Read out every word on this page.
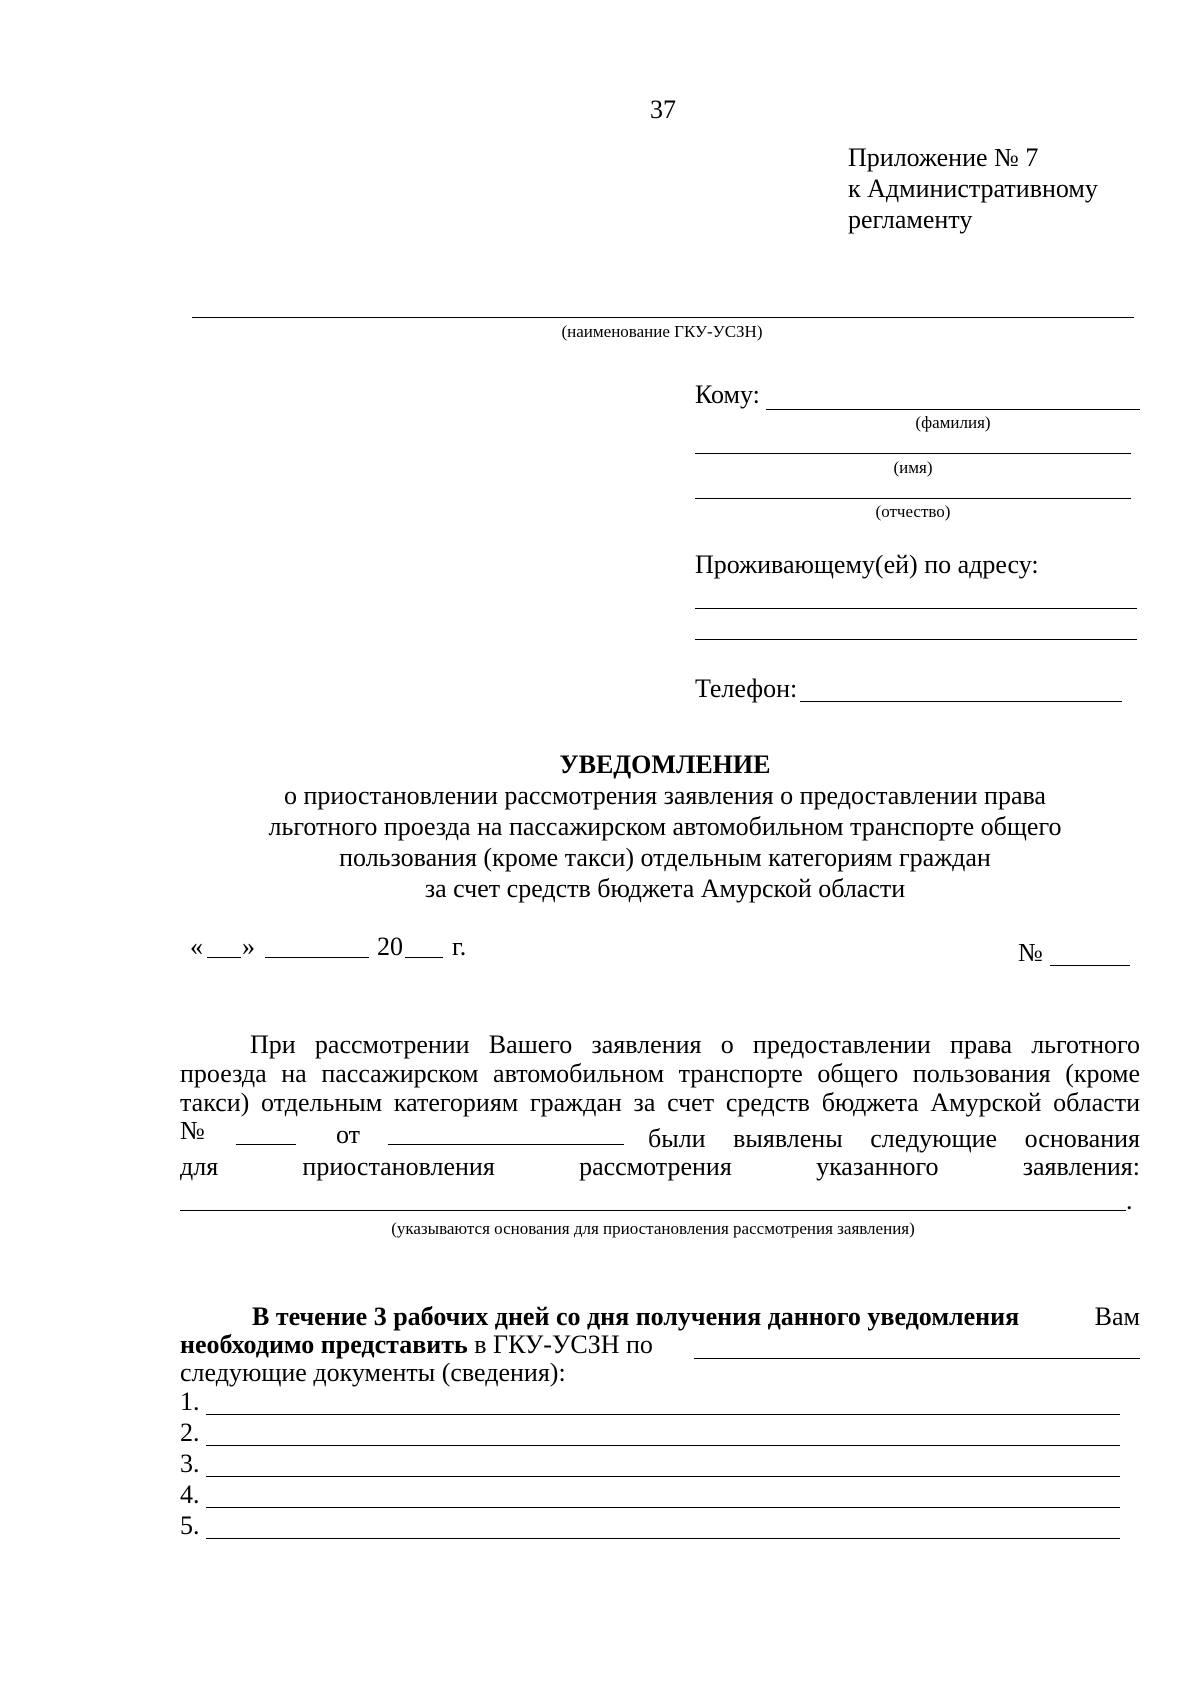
37
Приложение № 7
к Административному
регламенту
(наименование ГКУ-УСЗН)
Кому:
(фамилия)
(имя)
(отчество)
Проживающему(ей) по адресу:
Телефон:
УВЕДОМЛЕНИЕ
о приостановлении рассмотрения заявления о предоставлении права
льготного проезда на пассажирском автомобильном транспорте общего
пользования (кроме такси) отдельным категориям граждан
за счет средств бюджета Амурской области
« »	20 г.	№
При рассмотрении Вашего заявления о предоставлении права льготного
проезда на пассажирском автомобильном транспорте общего пользования (кроме
такси) отдельным категориям граждан за счет средств бюджета Амурской области
№	от	были выявлены следующие основания
для	приостановления	рассмотрения	указанного	заявления:
.
(указываются основания для приостановления рассмотрения заявления)
В течение 3 рабочих дней со дня получения данного уведомления	Вам
необходимо представить в ГКУ-УСЗН по
следующие документы (сведения):
1.
2.
3.
4.
5.
